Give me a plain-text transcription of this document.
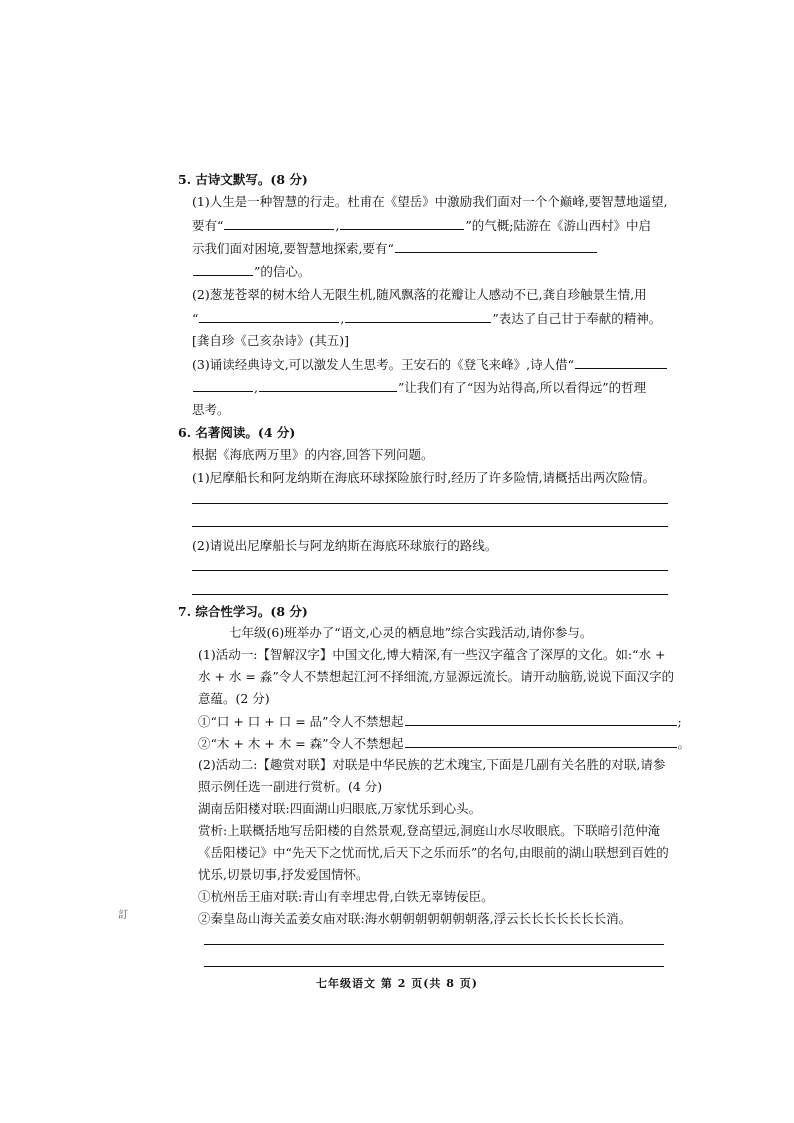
5. 古诗文默写。(8 分)
(1)人生是一种智慧的行走。杜甫在《望岳》中激励我们面对一个个巅峰,要智慧地遥望,
要有“	,	”的气概;陆游在《游山西村》中启
示我们面对困境,要智慧地探索,要有“
”的信心。
(2)葱茏苍翠的树木给人无限生机,随风飘落的花瓣让人感动不已,龚自珍触景生情,用
“	,	”表达了自己甘于奉献的精神。
[龚自珍《己亥杂诗》(其五)]
(3)诵读经典诗文,可以激发人生思考。王安石的《登飞来峰》,诗人借“
,	”让我们有了“因为站得高,所以看得远”的哲理
思考。
6. 名著阅读。(4 分)
根据《海底两万里》的内容,回答下列问题。
(1)尼摩船长和阿龙纳斯在海底环球探险旅行时,经历了许多险情,请概括出两次险情。
(2)请说出尼摩船长与阿龙纳斯在海底环球旅行的路线。
7. 综合性学习。(8 分)
七年级(6)班举办了“语文,心灵的栖息地”综合实践活动,请你参与。
(1)活动一:【智解汉字】中国文化,博大精深,有一些汉字蕴含了深厚的文化。如:“水 +
水 + 水 = 淼”令人不禁想起江河不择细流,方显源远流长。请开动脑筋,说说下面汉字的
意蕴。(2 分)
①“口 + 口 + 口 = 品”令人不禁想起	;
②“木 + 木 + 木 = 森”令人不禁想起	。
(2)活动二:【趣赏对联】对联是中华民族的艺术瑰宝,下面是几副有关名胜的对联,请参
照示例任选一副进行赏析。(4 分)
湖南岳阳楼对联:四面湖山归眼底,万家忧乐到心头。
赏析:上联概括地写岳阳楼的自然景观,登高望远,洞庭山水尽收眼底。下联暗引范仲淹
《岳阳楼记》中“先天下之忧而忧,后天下之乐而乐”的名句,由眼前的湖山联想到百姓的
忧乐,切景切事,抒发爱国情怀。
①杭州岳王庙对联:青山有幸埋忠骨,白铁无辜铸佞臣。
②秦皇岛山海关孟姜女庙对联:海水朝朝朝朝朝朝朝落,浮云长长长长长长长消。
訂
七年级语文 第 2 页(共 8 页)
